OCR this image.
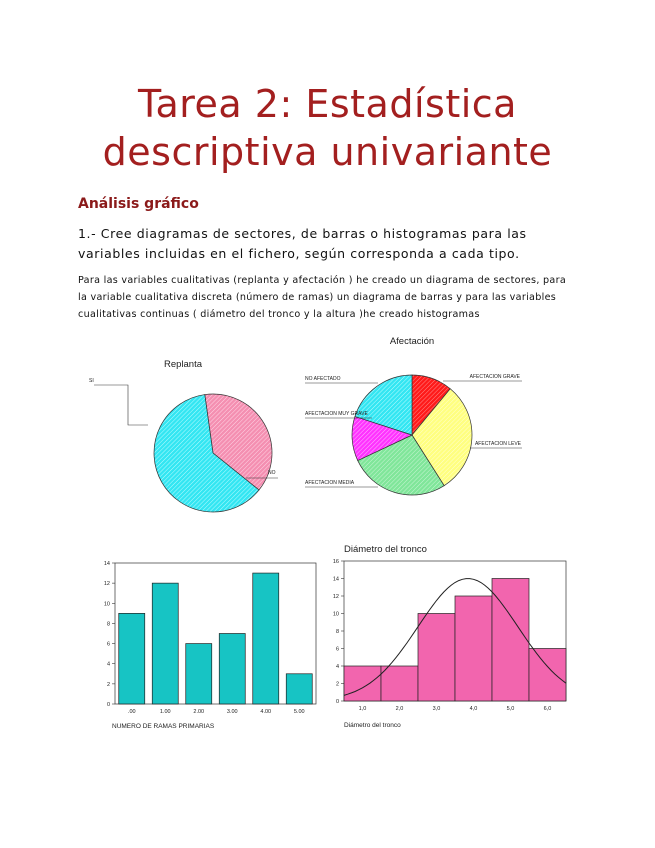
Tarea 2: Estadística
descriptiva univariante
Análisis gráfico
1.- Cree diagramas de sectores, de barras o histogramas para las variables incluidas en el fichero, según corresponda a cada tipo.
Para las variables cualitativas (replanta y afectación ) he creado un diagrama de sectores, para la variable cualitativa discreta (número de ramas) un diagrama de barras y para las variables cualitativas continuas ( diámetro del tronco y la altura )he creado histogramas
Replanta
SI
NO
Afectación
AFECTACION GRAVE
AFECTACION LEVE
AFECTACION MEDIA
AFECTACION MUY GRAVE
NO AFECTADO
0
2
4
6
8
10
12
14
.00	1.00	2.00	3.00	4.00	5.00
NUMERO DE RAMAS PRIMARIAS
0
2
4
6
8
10
12
14
16
1,0	2,0	3,0	4,0	5,0	6,0
Diámetro del tronco
Diámetro del tronco
